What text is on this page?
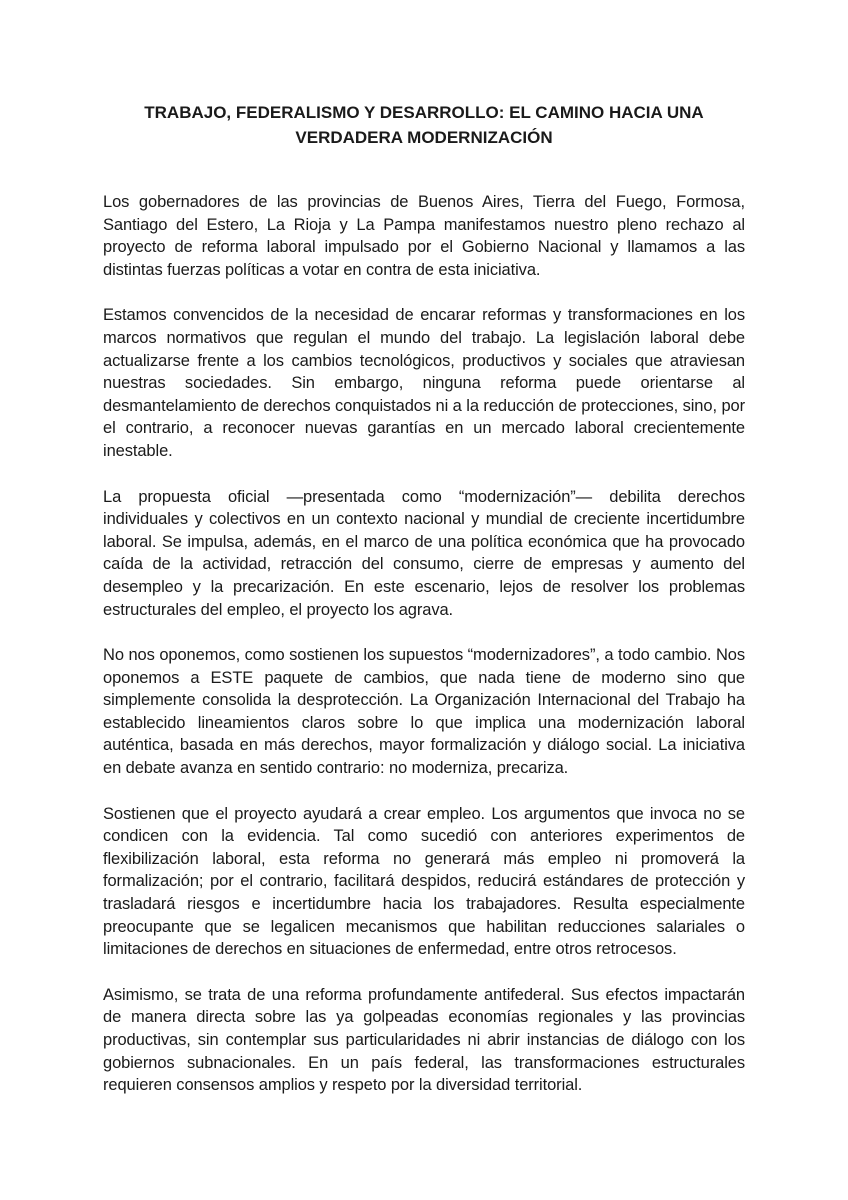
TRABAJO, FEDERALISMO Y DESARROLLO: EL CAMINO HACIA UNA
VERDADERA MODERNIZACIÓN

Los gobernadores de las provincias de Buenos Aires, Tierra del Fuego, Formosa, Santiago del Estero, La Rioja y La Pampa manifestamos nuestro pleno rechazo al proyecto de reforma laboral impulsado por el Gobierno Nacional y llamamos a las distintas fuerzas políticas a votar en contra de esta iniciativa.

Estamos convencidos de la necesidad de encarar reformas y transformaciones en los marcos normativos que regulan el mundo del trabajo. La legislación laboral debe actualizarse frente a los cambios tecnológicos, productivos y sociales que atraviesan nuestras sociedades. Sin embargo, ninguna reforma puede orientarse al desmantelamiento de derechos conquistados ni a la reducción de protecciones, sino, por el contrario, a reconocer nuevas garantías en un mercado laboral crecientemente inestable.

La propuesta oficial —presentada como “modernización”— debilita derechos individuales y colectivos en un contexto nacional y mundial de creciente incertidumbre laboral. Se impulsa, además, en el marco de una política económica que ha provocado caída de la actividad, retracción del consumo, cierre de empresas y aumento del desempleo y la precarización. En este escenario, lejos de resolver los problemas estructurales del empleo, el proyecto los agrava.

No nos oponemos, como sostienen los supuestos “modernizadores”, a todo cambio. Nos oponemos a ESTE paquete de cambios, que nada tiene de moderno sino que simplemente consolida la desprotección. La Organización Internacional del Trabajo ha establecido lineamientos claros sobre lo que implica una modernización laboral auténtica, basada en más derechos, mayor formalización y diálogo social. La iniciativa en debate avanza en sentido contrario: no moderniza, precariza.

Sostienen que el proyecto ayudará a crear empleo. Los argumentos que invoca no se condicen con la evidencia. Tal como sucedió con anteriores experimentos de flexibilización laboral, esta reforma no generará más empleo ni promoverá la formalización; por el contrario, facilitará despidos, reducirá estándares de protección y trasladará riesgos e incertidumbre hacia los trabajadores. Resulta especialmente preocupante que se legalicen mecanismos que habilitan reducciones salariales o limitaciones de derechos en situaciones de enfermedad, entre otros retrocesos.

Asimismo, se trata de una reforma profundamente antifederal. Sus efectos impactarán de manera directa sobre las ya golpeadas economías regionales y las provincias productivas, sin contemplar sus particularidades ni abrir instancias de diálogo con los gobiernos subnacionales. En un país federal, las transformaciones estructurales requieren consensos amplios y respeto por la diversidad territorial.
